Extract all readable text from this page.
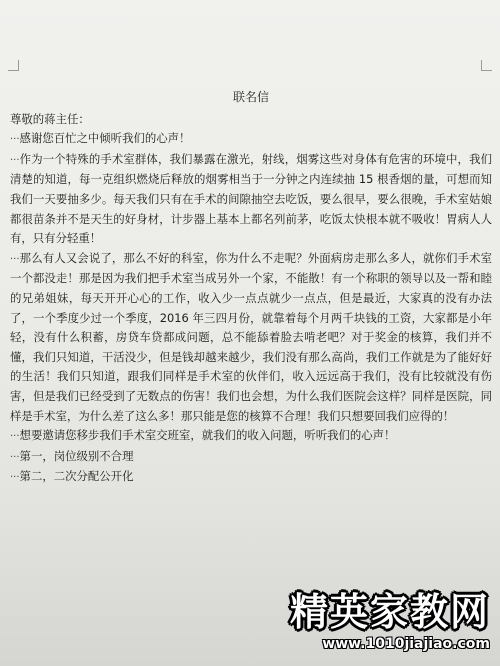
联名信

尊敬的蒋主任：

···感谢您百忙之中倾听我们的心声！

···作为一个特殊的手术室群体，我们暴露在激光，射线，烟雾这些对身体有危害的环境中，我们清楚的知道，每一克组织燃烧后释放的烟雾相当于一分钟之内连续抽 15 根香烟的量，可想而知我们一天要抽多少。每天我们只有在手术的间隙抽空去吃饭，要么很早，要么很晚，手术室姑娘都很苗条并不是天生的好身材，计步器上基本上都名列前茅，吃饭太快根本就不吸收！胃病人人有，只有分轻重！

···那么有人又会说了，那么不好的科室，你为什么不走呢？外面病房走那么多人，就你们手术室一个都没走！那是因为我们把手术室当成另外一个家，不能散！有一个称职的领导以及一帮和睦的兄弟姐妹，每天开开心心的工作，收入少一点点就少一点点，但是最近，大家真的没有办法了，一个季度少过一个季度，2016 年三四月份，就靠着每个月两千块钱的工资，大家都是小年轻，没有什么积蓄，房贷车贷都成问题，总不能舔着脸去啃老吧？对于奖金的核算，我们并不懂，我们只知道，干活没少，但是钱却越来越少，我们没有那么高尚，我们工作就是为了能好好的生活！我们只知道，跟我们同样是手术室的伙伴们，收入远远高于我们，没有比较就没有伤害，但是我们已经受到了无数点的伤害！我们也会想，为什么我们医院会这样？同样是医院，同样是手术室，为什么差了这么多！那只能是您的核算不合理！我们只想要回我们应得的！

···想要邀请您移步我们手术室交班室，就我们的收入问题，听听我们的心声！

···第一，岗位级别不合理

···第二，二次分配公开化

精英家教网
www.1010jiajiao.com
